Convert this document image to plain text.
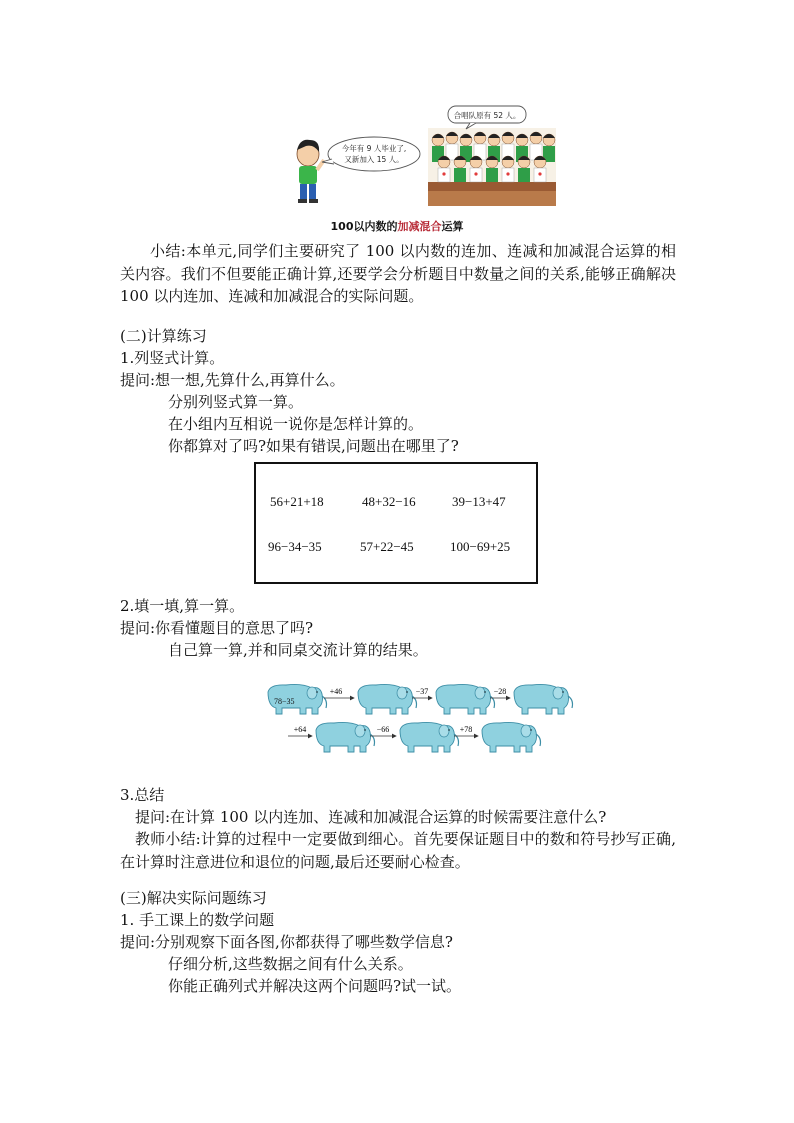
今年有 9 人毕业了,
又新加入 15 人。
合唱队原有 52 人。
100以内数的加减混合运算
小结:本单元,同学们主要研究了 100 以内数的连加、连减和加减混合运算的相关内容。我们不但要能正确计算,还要学会分析题目中数量之间的关系,能够正确解决 100 以内连加、连减和加减混合的实际问题。
(二)计算练习
1.列竖式计算。
提问:想一想,先算什么,再算什么。
分别列竖式算一算。
在小组内互相说一说你是怎样计算的。
你都算对了吗?如果有错误,问题出在哪里了?
56+21+18	48+32−16	39−13+47
96−34−35	57+22−45	100−69+25
2.填一填,算一算。
提问:你看懂题目的意思了吗?
自己算一算,并和同桌交流计算的结果。
78−35
+46	−37	−28
+64	−66	+78
3.总结
提问:在计算 100 以内连加、连减和加减混合运算的时候需要注意什么?
教师小结:计算的过程中一定要做到细心。首先要保证题目中的数和符号抄写正确,在计算时注意进位和退位的问题,最后还要耐心检查。
(三)解决实际问题练习
1. 手工课上的数学问题
提问:分别观察下面各图,你都获得了哪些数学信息?
仔细分析,这些数据之间有什么关系。
你能正确列式并解决这两个问题吗?试一试。
